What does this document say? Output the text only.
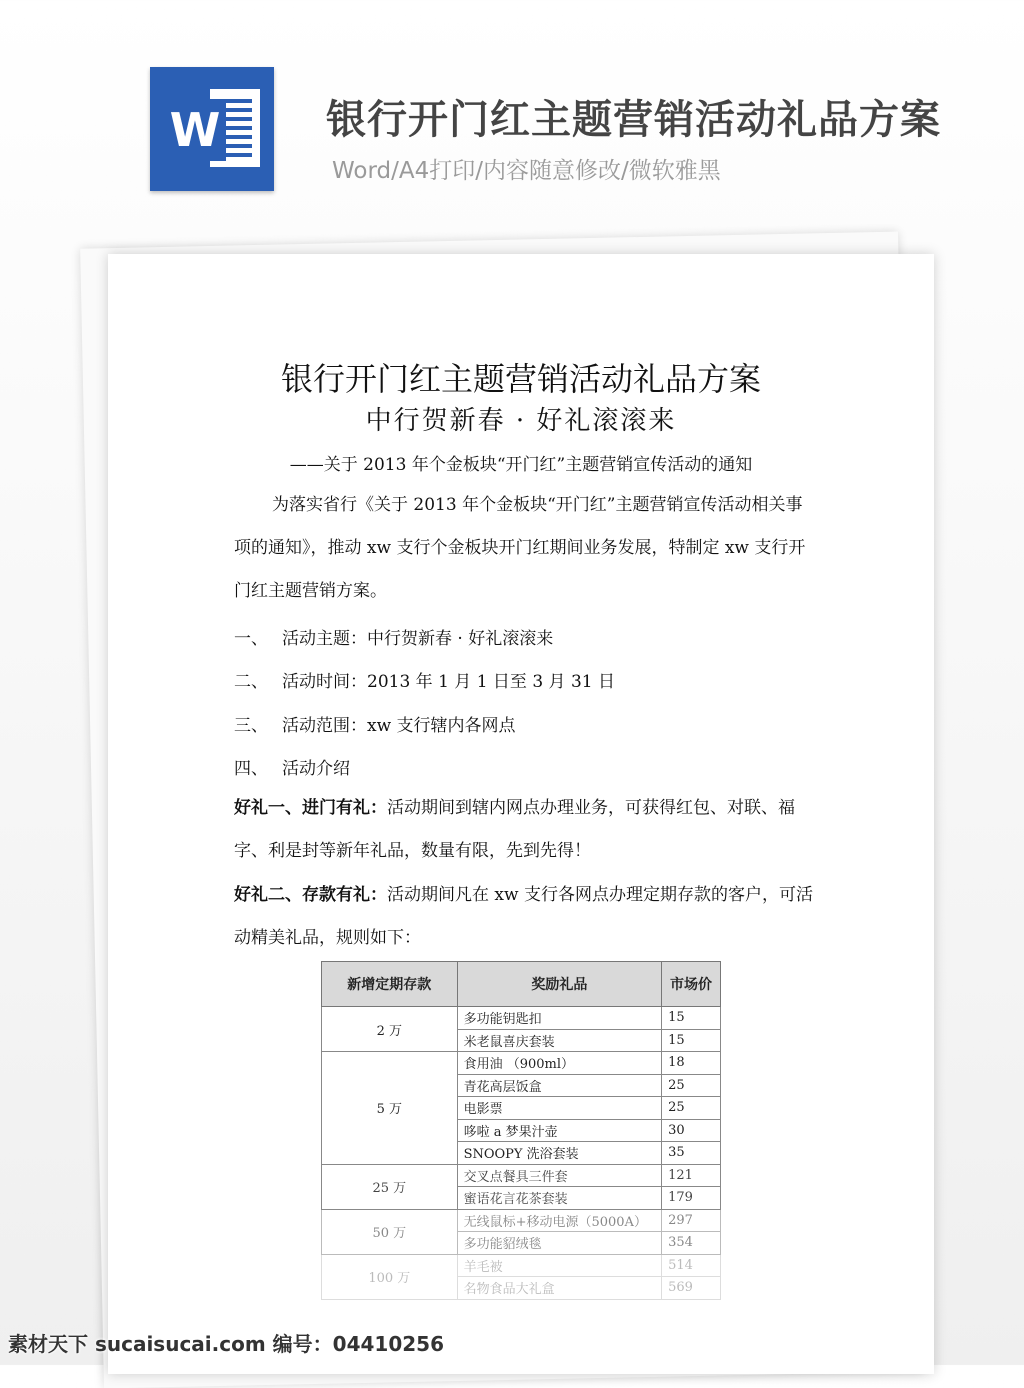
W	银行开门红主题营销活动礼品方案
Word/A4打印/内容随意修改/微软雅黑
银行开门红主题营销活动礼品方案
中行贺新春 · 好礼滚滚来
——关于 2013 年个金板块“开门红”主题营销宣传活动的通知

为落实省行《关于 2013 年个金板块“开门红”主题营销宣传活动相关事项的通知》，推动 xw 支行个金板块开门红期间业务发展，特制定 xw 支行开门红主题营销方案。

一、 活动主题：中行贺新春 · 好礼滚滚来
二、 活动时间：2013 年 1 月 1 日至 3 月 31 日
三、 活动范围：xw 支行辖内各网点
四、 活动介绍

好礼一、进门有礼：活动期间到辖内网点办理业务，可获得红包、对联、福字、利是封等新年礼品，数量有限，先到先得！

好礼二、存款有礼：活动期间凡在 xw 支行各网点办理定期存款的客户，可活动精美礼品，规则如下：

新增定期存款	奖励礼品	市场价
2 万	多功能钥匙扣	15
	米老鼠喜庆套装	15
5 万	食用油 （900ml）	18
	青花高层饭盒	25
	电影票	25
	哆啦 a 梦果汁壶	30
	SNOOPY 洗浴套装	35
25 万	交叉点餐具三件套	121
	蜜语花言花茶套装	179
50 万	无线鼠标+移动电源（5000A）	297
	多功能貂绒毯	354
100 万	羊毛被	514
	名物食品大礼盒	569
素材天下 sucaisucai.com 编号：04410256
